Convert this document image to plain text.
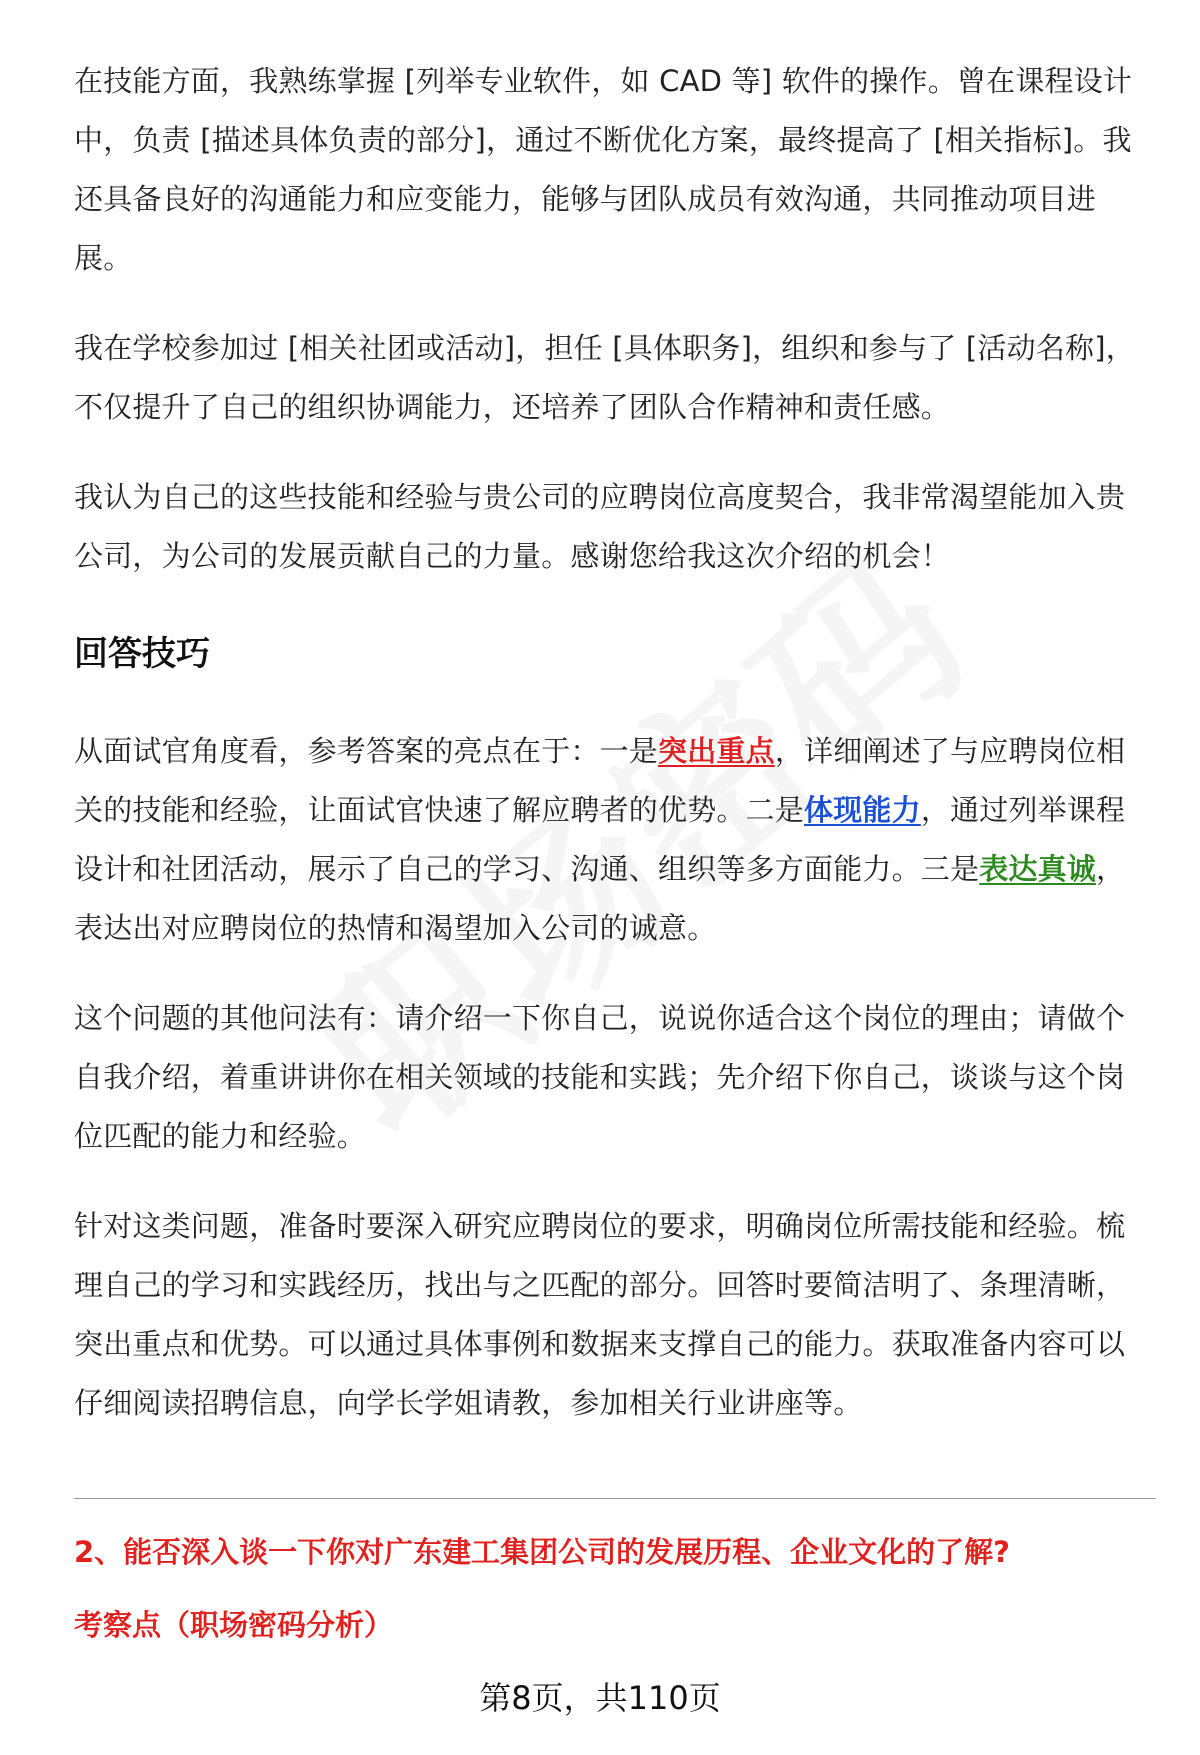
在技能方面，我熟练掌握 [列举专业软件，如 CAD 等] 软件的操作。曾在课程设计中，负责 [描述具体负责的部分]，通过不断优化方案，最终提高了 [相关指标]。我还具备良好的沟通能力和应变能力，能够与团队成员有效沟通，共同推动项目进展。

我在学校参加过 [相关社团或活动]，担任 [具体职务]，组织和参与了 [活动名称]，不仅提升了自己的组织协调能力，还培养了团队合作精神和责任感。

我认为自己的这些技能和经验与贵公司的应聘岗位高度契合，我非常渴望能加入贵公司，为公司的发展贡献自己的力量。感谢您给我这次介绍的机会！

回答技巧

从面试官角度看，参考答案的亮点在于：一是突出重点，详细阐述了与应聘岗位相关的技能和经验，让面试官快速了解应聘者的优势。二是体现能力，通过列举课程设计和社团活动，展示了自己的学习、沟通、组织等多方面能力。三是表达真诚，表达出对应聘岗位的热情和渴望加入公司的诚意。

这个问题的其他问法有：请介绍一下你自己，说说你适合这个岗位的理由；请做个自我介绍，着重讲讲你在相关领域的技能和实践；先介绍下你自己，谈谈与这个岗位匹配的能力和经验。

针对这类问题，准备时要深入研究应聘岗位的要求，明确岗位所需技能和经验。梳理自己的学习和实践经历，找出与之匹配的部分。回答时要简洁明了、条理清晰，突出重点和优势。可以通过具体事例和数据来支撑自己的能力。获取准备内容可以仔细阅读招聘信息，向学长学姐请教，参加相关行业讲座等。

2、能否深入谈一下你对广东建工集团公司的发展历程、企业文化的了解?
考察点（职场密码分析）
第8页，共110页
